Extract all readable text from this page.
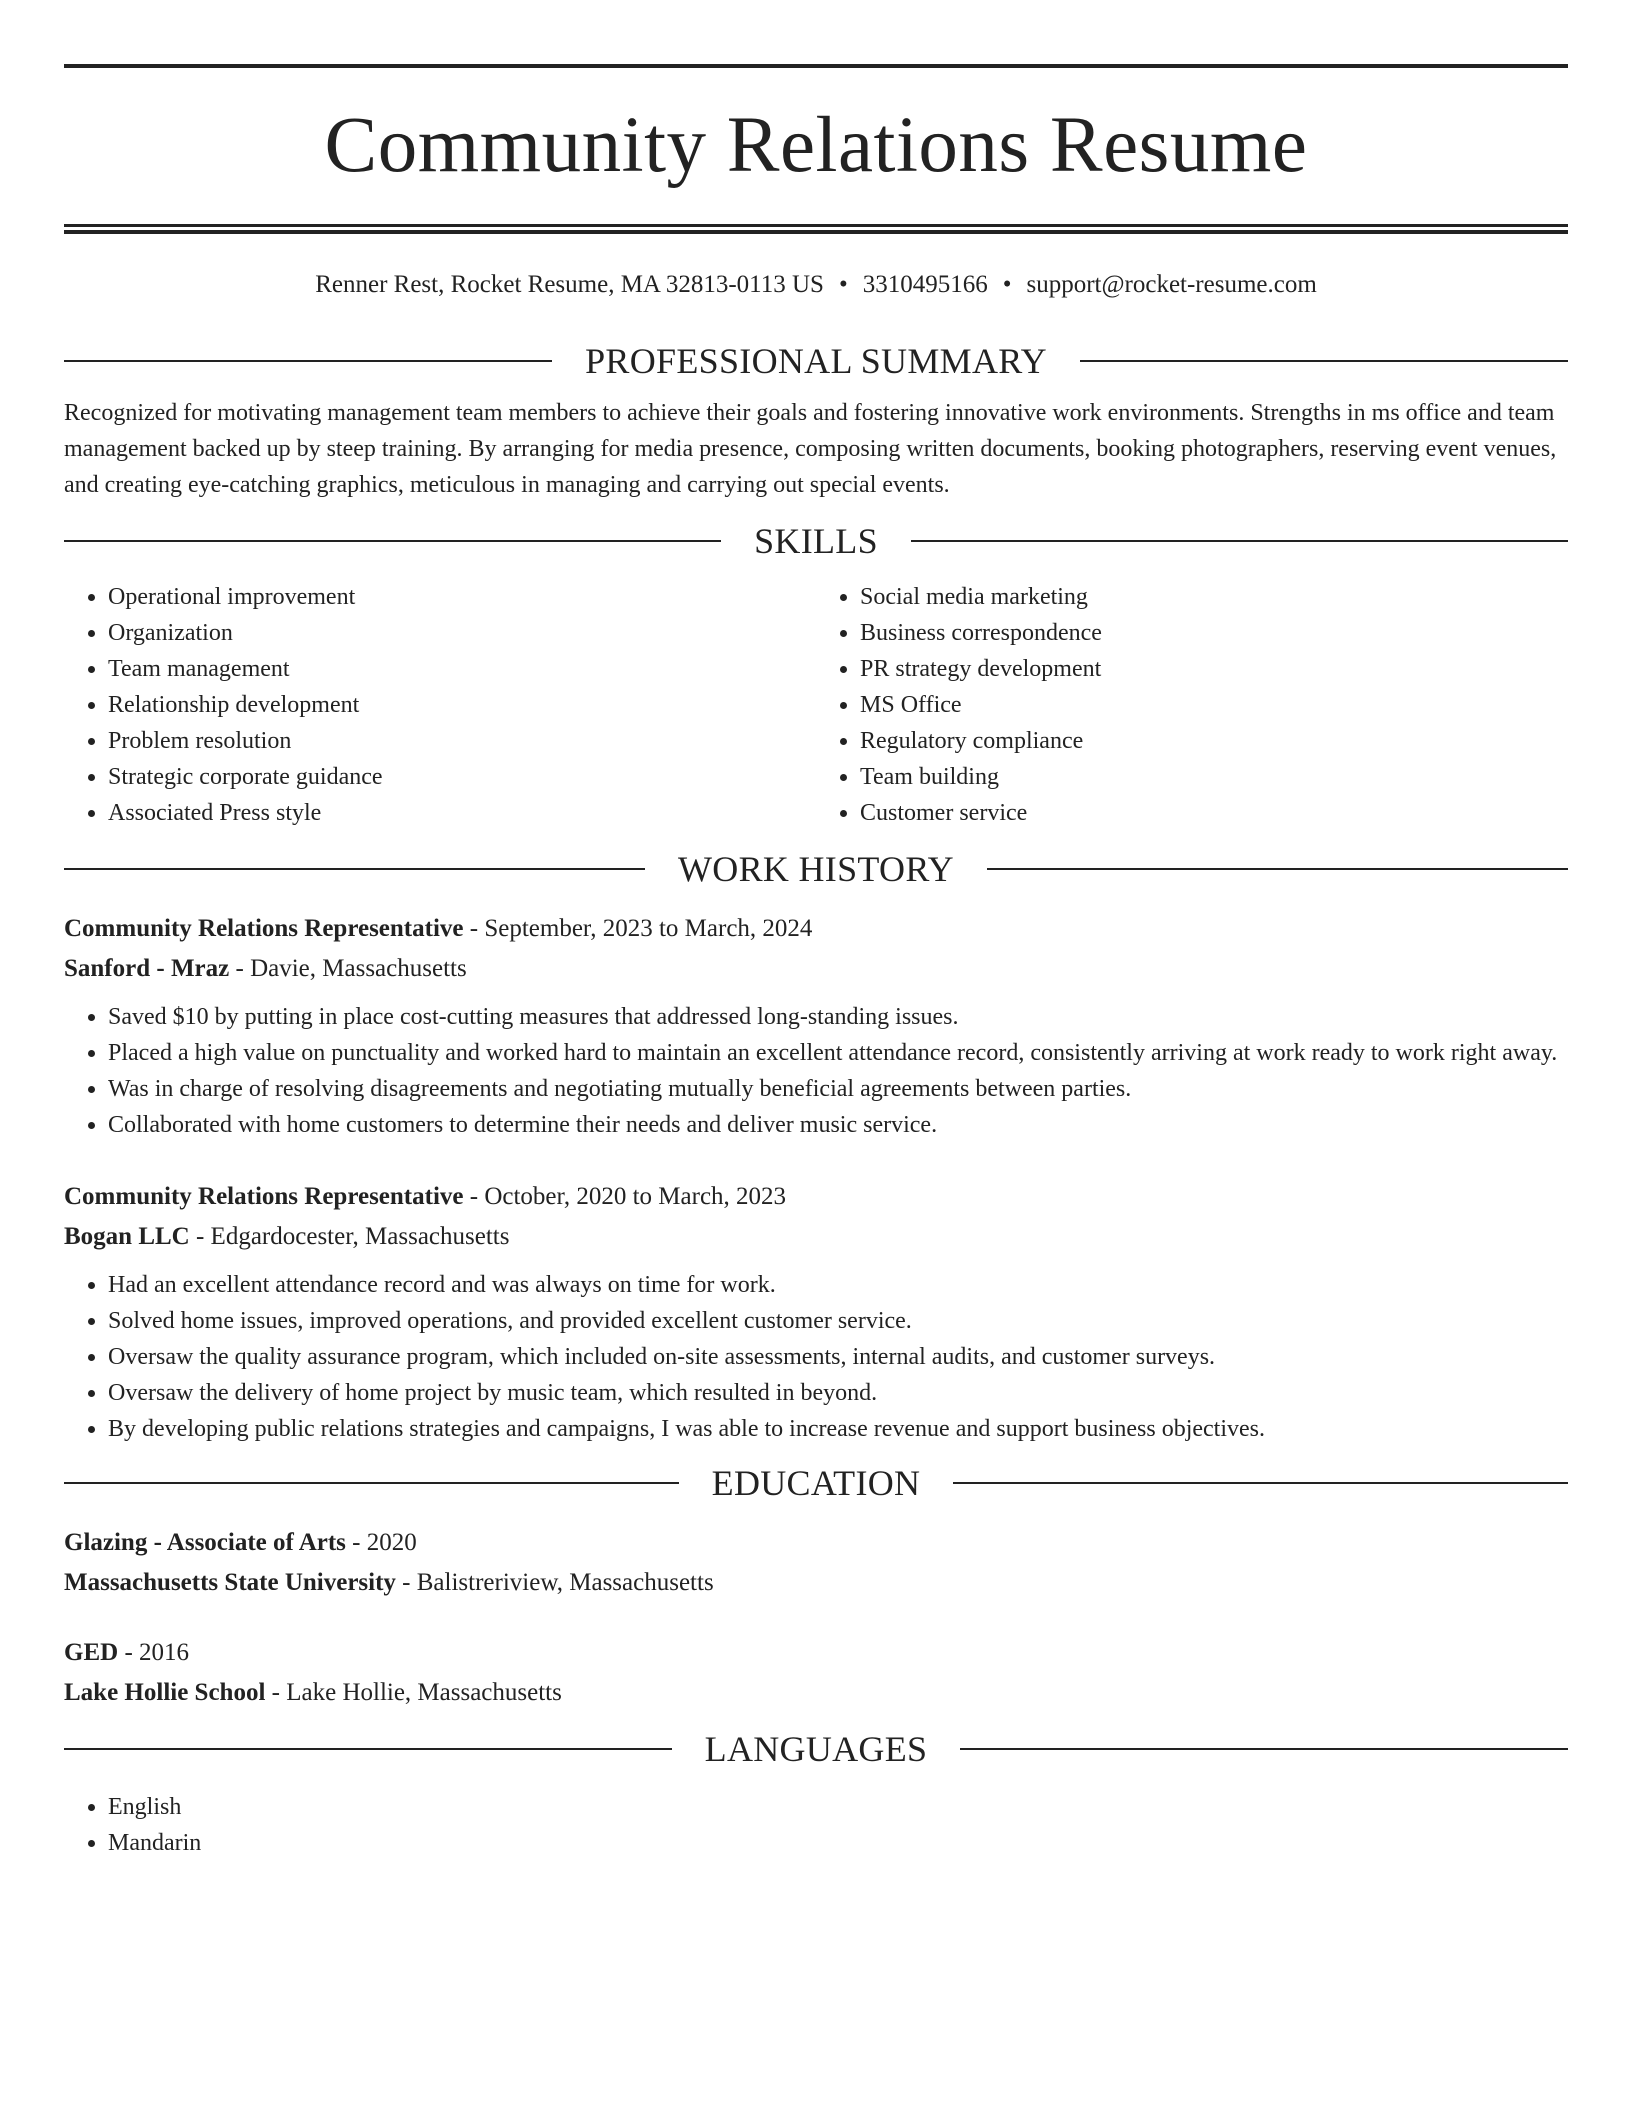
Community Relations Resume
Renner Rest, Rocket Resume, MA 32813-0113 US • 3310495166 • support@rocket-resume.com
PROFESSIONAL SUMMARY

Recognized for motivating management team members to achieve their goals and fostering innovative work environments. Strengths in ms office and team management backed up by steep training. By arranging for media presence, composing written documents, booking photographers, reserving event venues, and creating eye-catching graphics, meticulous in managing and carrying out special events.

SKILLS
• Operational improvement
• Organization
• Team management
• Relationship development
• Problem resolution
• Strategic corporate guidance
• Associated Press style
• Social media marketing
• Business correspondence
• PR strategy development
• MS Office
• Regulatory compliance
• Team building
• Customer service
WORK HISTORY

Community Relations Representative - September, 2023 to March, 2024

Sanford - Mraz - Davie, Massachusetts

• Saved $10 by putting in place cost-cutting measures that addressed long-standing issues.
• Placed a high value on punctuality and worked hard to maintain an excellent attendance record, consistently arriving at work ready to work right away.
• Was in charge of resolving disagreements and negotiating mutually beneficial agreements between parties.
• Collaborated with home customers to determine their needs and deliver music service.

Community Relations Representative - October, 2020 to March, 2023

Bogan LLC - Edgardocester, Massachusetts

• Had an excellent attendance record and was always on time for work.
• Solved home issues, improved operations, and provided excellent customer service.
• Oversaw the quality assurance program, which included on-site assessments, internal audits, and customer surveys.
• Oversaw the delivery of home project by music team, which resulted in beyond.
• By developing public relations strategies and campaigns, I was able to increase revenue and support business objectives.
EDUCATION

Glazing - Associate of Arts - 2020

Massachusetts State University - Balistreriview, Massachusetts

GED - 2016

Lake Hollie School - Lake Hollie, Massachusetts

LANGUAGES
• English
• Mandarin
